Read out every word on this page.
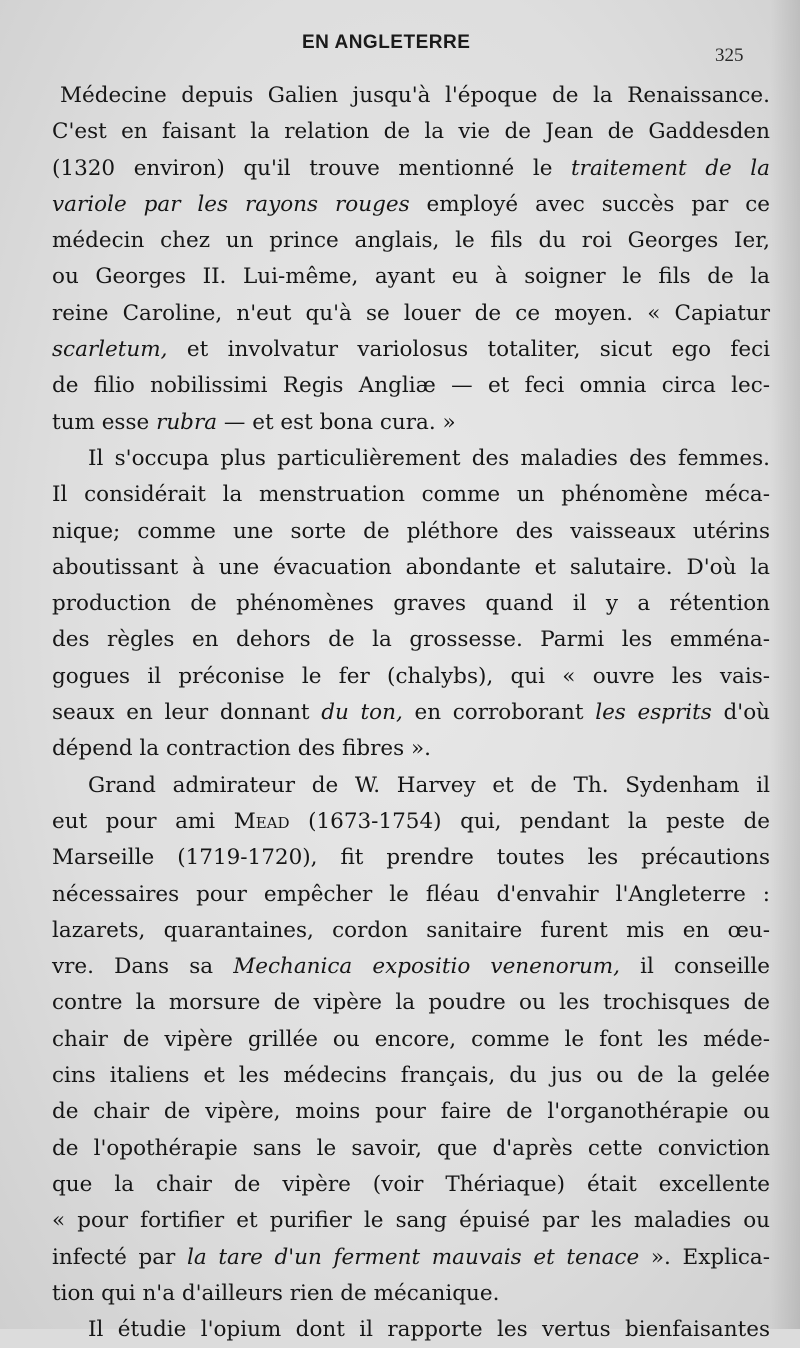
EN ANGLETERRE
325
Médecine depuis Galien jusqu'à l'époque de la Renaissance.
C'est en faisant la relation de la vie de Jean de Gaddesden
(1320 environ) qu'il trouve mentionné le traitement de la
variole par les rayons rouges employé avec succès par ce
médecin chez un prince anglais, le fils du roi Georges Ier,
ou Georges II. Lui-même, ayant eu à soigner le fils de la
reine Caroline, n'eut qu'à se louer de ce moyen. « Capiatur
scarletum, et involvatur variolosus totaliter, sicut ego feci
de filio nobilissimi Regis Angliæ — et feci omnia circa lec-
tum esse rubra — et est bona cura. »
Il s'occupa plus particulièrement des maladies des femmes.
Il considérait la menstruation comme un phénomène méca-
nique; comme une sorte de pléthore des vaisseaux utérins
aboutissant à une évacuation abondante et salutaire. D'où la
production de phénomènes graves quand il y a rétention
des règles en dehors de la grossesse. Parmi les emména-
gogues il préconise le fer (chalybs), qui « ouvre les vais-
seaux en leur donnant du ton, en corroborant les esprits d'où
dépend la contraction des fibres ».
Grand admirateur de W. Harvey et de Th. Sydenham il
eut pour ami Mead (1673-1754) qui, pendant la peste de
Marseille (1719-1720), fit prendre toutes les précautions
nécessaires pour empêcher le fléau d'envahir l'Angleterre :
lazarets, quarantaines, cordon sanitaire furent mis en œu-
vre. Dans sa Mechanica expositio venenorum, il conseille
contre la morsure de vipère la poudre ou les trochisques de
chair de vipère grillée ou encore, comme le font les méde-
cins italiens et les médecins français, du jus ou de la gelée
de chair de vipère, moins pour faire de l'organothérapie ou
de l'opothérapie sans le savoir, que d'après cette conviction
que la chair de vipère (voir Thériaque) était excellente
« pour fortifier et purifier le sang épuisé par les maladies ou
infecté par la tare d'un ferment mauvais et tenace ». Explica-
tion qui n'a d'ailleurs rien de mécanique.
Il étudie l'opium dont il rapporte les vertus bienfaisantes
